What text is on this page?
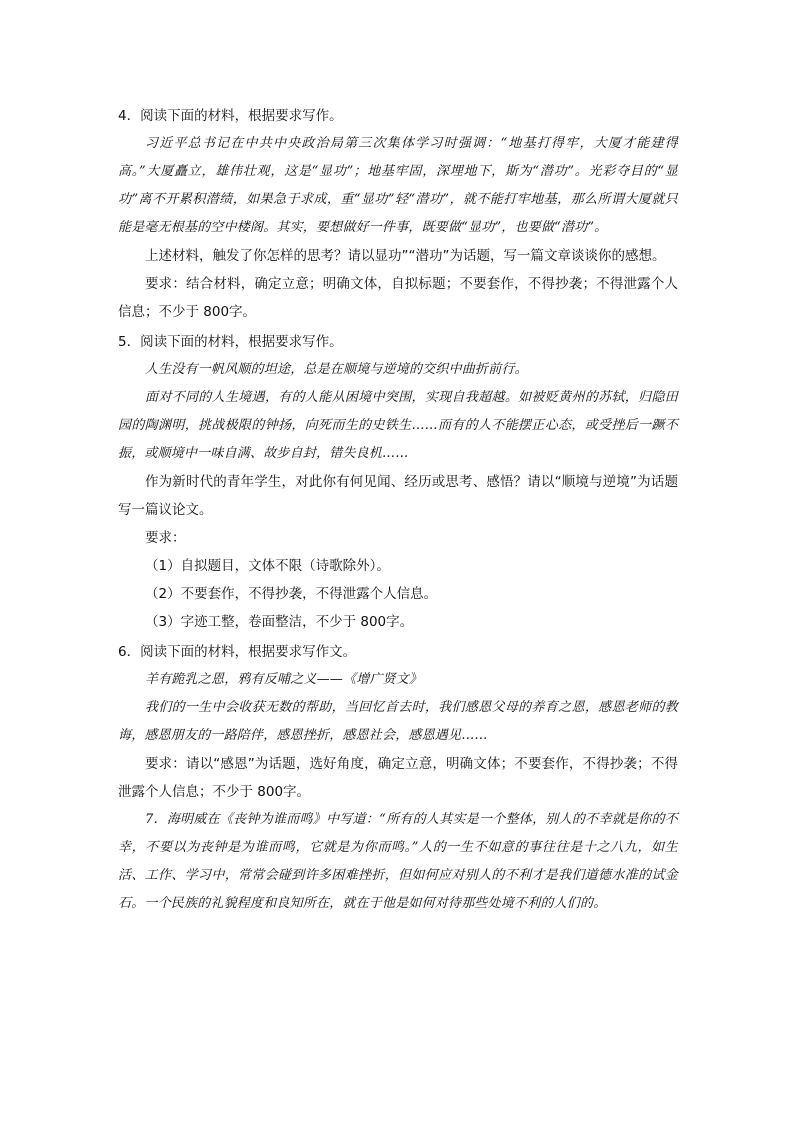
4．阅读下面的材料，根据要求写作。

习近平总书记在中共中央政治局第三次集体学习时强调：“地基打得牢，大厦才能建得高。”大厦矗立，雄伟壮观，这是“显功”；地基牢固，深埋地下，斯为“潜功”。光彩夺目的“显功”离不开累积潜绩，如果急于求成，重“显功”轻“潜功”，就不能打牢地基，那么所谓大厦就只能是毫无根基的空中楼阁。其实，要想做好一件事，既要做“显功”，也要做“潜功”。

上述材料，触发了你怎样的思考？请以显功”“潜功”为话题，写一篇文章谈谈你的感想。

要求：结合材料，确定立意；明确文体，自拟标题；不要套作，不得抄袭；不得泄露个人信息；不少于 800字。

5．阅读下面的材料，根据要求写作。

人生没有一帆风顺的坦途，总是在顺境与逆境的交织中曲折前行。

面对不同的人生境遇，有的人能从困境中突围，实现自我超越。如被贬黄州的苏轼，归隐田园的陶渊明，挑战极限的钟扬，向死而生的史铁生……而有的人不能摆正心态，或受挫后一蹶不振，或顺境中一味自满、故步自封，错失良机……

作为新时代的青年学生，对此你有何见闻、经历或思考、感悟？请以“顺境与逆境”为话题写一篇议论文。

要求：

（1）自拟题目，文体不限（诗歌除外）。

（2）不要套作，不得抄袭，不得泄露个人信息。

（3）字迹工整，卷面整洁，不少于 800字。

6．阅读下面的材料，根据要求写作文。

羊有跪乳之恩，鸦有反哺之义——《增广贤文》

我们的一生中会收获无数的帮助，当回忆首去时，我们感恩父母的养育之恩，感恩老师的教诲，感恩朋友的一路陪伴，感恩挫折，感恩社会，感恩遇见……

要求：请以“感恩”为话题，选好角度，确定立意，明确文体；不要套作，不得抄袭；不得泄露个人信息；不少于 800字。

7．海明威在《丧钟为谁而鸣》中写道：“所有的人其实是一个整体，别人的不幸就是你的不幸，不要以为丧钟是为谁而鸣，它就是为你而鸣。”人的一生不如意的事往往是十之八九，如生活、工作、学习中，常常会碰到许多困难挫折，但如何应对别人的不利才是我们道德水准的试金石。一个民族的礼貌程度和良知所在，就在于他是如何对待那些处境不利的人们的。
